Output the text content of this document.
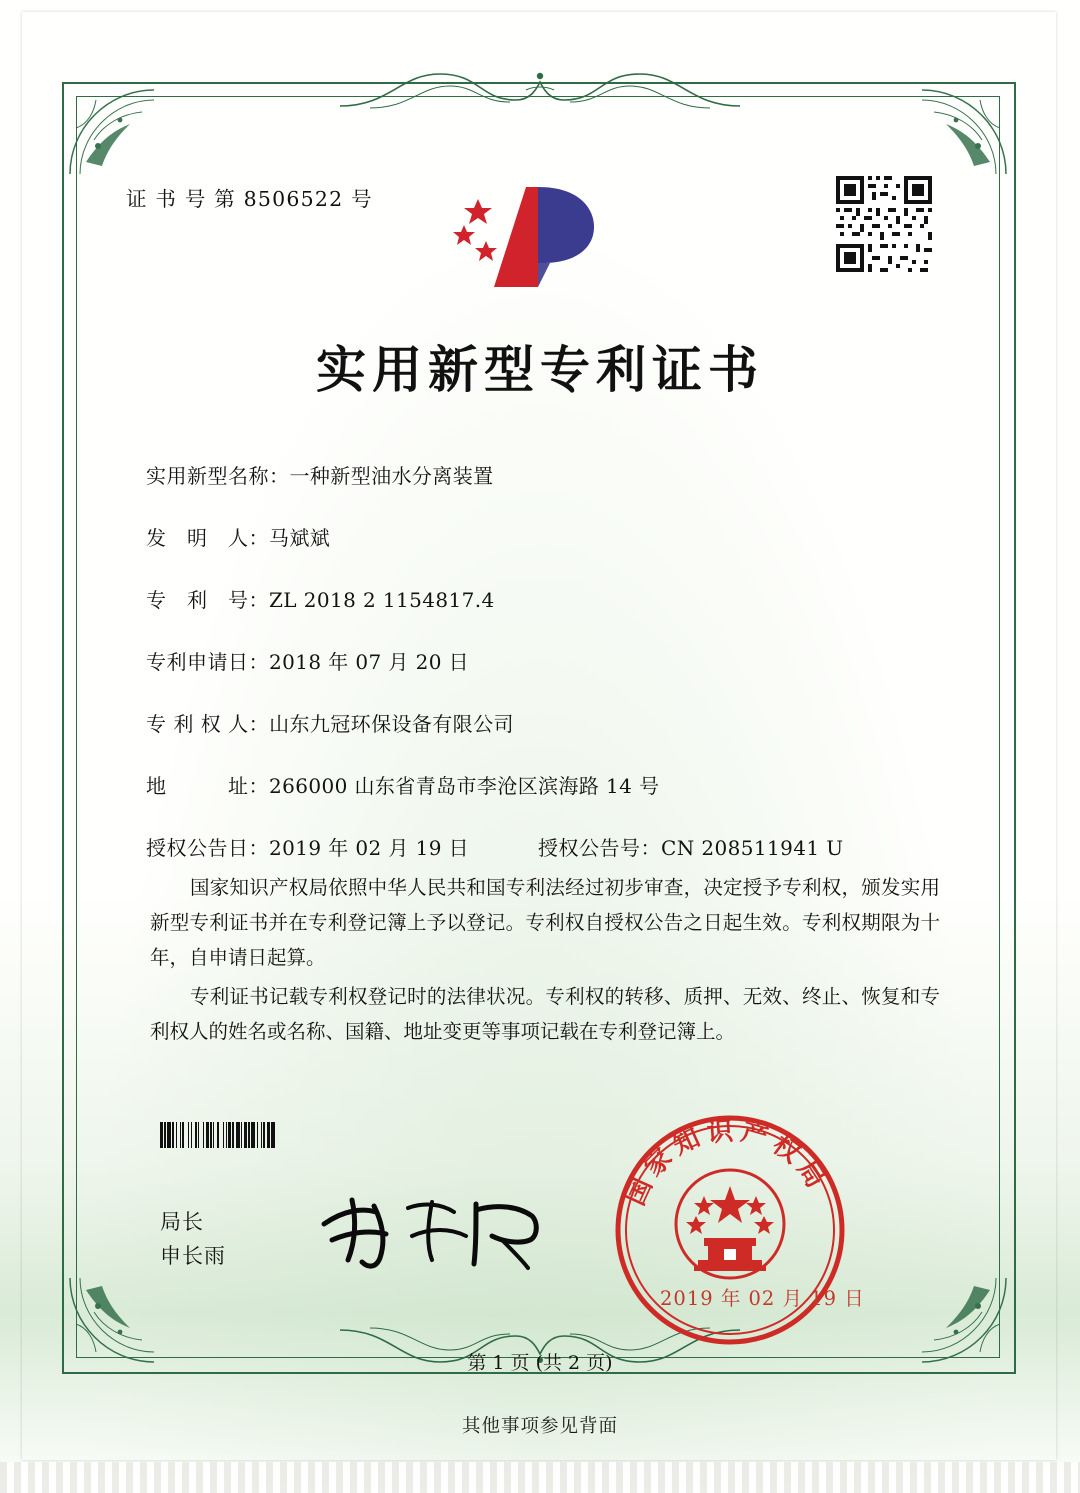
证 书 号 第 8506522 号
实用新型专利证书
实用新型名称：一种新型油水分离装置
发　明　人：马斌斌
专　利　号：ZL 2018 2 1154817.4
专利申请日：2018 年 07 月 20 日
专 利 权 人：山东九冠环保设备有限公司
地　　　址：266000 山东省青岛市李沧区滨海路 14 号
授权公告日：2019 年 02 月 19 日	授权公告号：CN 208511941 U

国家知识产权局依照中华人民共和国专利法经过初步审查，决定授予专利权，颁发实用新型专利证书并在专利登记簿上予以登记。专利权自授权公告之日起生效。专利权期限为十年，自申请日起算。

专利证书记载专利权登记时的法律状况。专利权的转移、质押、无效、终止、恢复和专利权人的姓名或名称、国籍、地址变更等事项记载在专利登记簿上。

局长
申长雨
国家知识产权局
2019 年 02 月 19 日
第 1 页 (共 2 页)
其他事项参见背面
